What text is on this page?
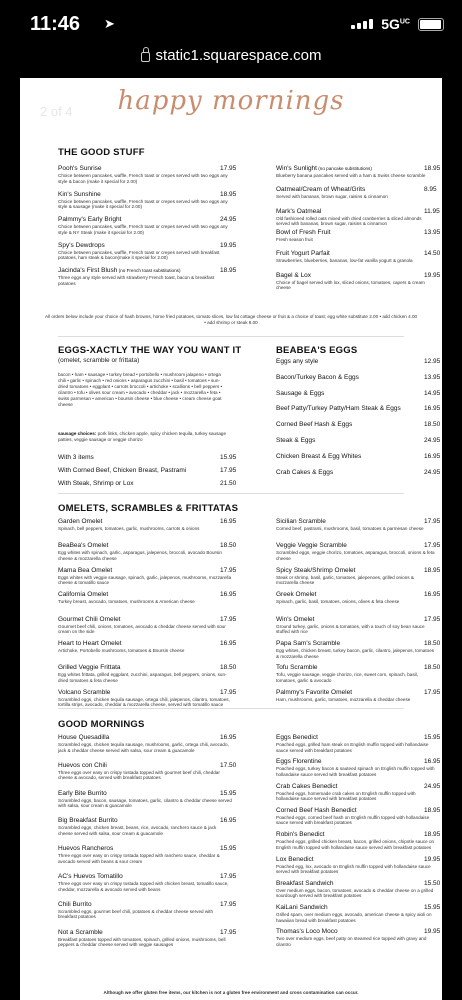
11:46 ➤	$5G^{UC}$
static1.squarespace.com
2 of 4	happy mornings
THE GOOD STUFF
Pooh's Sunrise	17.95
Choice between pancakes, waffle, French toast or crepes served with two eggs any style & bacon (make it special for 2.00)
Kin's Sunshine	18.95
Choice between pancakes, waffle, French toast or crepes served with two eggs any style & sausage (make it special for 2.00)
Palmmy's Early Bright	24.95
Choice between pancakes, waffle, French toast or crepes served with two eggs any style & NY Steak (make it special for 2.00)
Spy's Dewdrops	19.95
Choice between pancakes, waffle, French toast or crepes served with breakfast potatoes, ham steak & bacon(make it special for 2.00)
Jacinda's First Blush (no French toast substitutions)	18.95
Three eggs any style served with strawberry French toast, bacon & breakfast potatoes
Win's Sunlight (no pancake substitutions)	18.95
Blueberry banana pancakes served with a ham & Swiss cheese scramble
Oatmeal/Cream of Wheat/Grits	8.95
Served with bananas, brown sugar, raisins & cinnamon
Mark's Oatmeal	11.95
Old fashioned rolled oats mixed with dried cranberries & sliced almonds served with bananas, brown sugar, raisins & cinnamon
Bowl of Fresh Fruit	13.95
Fresh season fruit
Fruit Yogurt Parfait	14.50
Strawberries, blueberries, bananas, low-fat vanilla yogurt & granola
Bagel & Lox	19.95
Choice of bagel served with lox, sliced onions, tomatoes, capers & cream cheese
All orders below include your choice of hash browns, home fried potatoes, tomato slices, low fat cottage cheese or fruit & a choice of toast; egg white substitute 2.00 • add chicken 4.00 • add shrimp or steak 8.00
EGGS-XACTLY THE WAY YOU WANT IT
(omelet, scramble or frittata)
bacon • ham • sausage • turkey bread • portobello • mushroom jalapeno • ortega chili • garlic • spinach • red onions • asparagus zucchini • basil • tomatoes • sun-dried tomatoes • eggplant • carrots broccoli • artichoke • scallions • bell peppers • cilantro • tofu • olives sour cream • avocado • cheddar • jack • mozzarella • feta • swiss parmesan • american • boursin cheese • blue cheese • cream cheese goat cheese
sausage choices: pork links, chicken apple, spicy chicken tequila, turkey sausage patties, veggie sausage or veggie chorizo
With 3 items	15.95
With Corned Beef, Chicken Breast, Pastrami	17.95
With Steak, Shrimp or Lox	21.50
BEABEA'S EGGS
Eggs any style	12.95
Bacon/Turkey Bacon & Eggs	13.95
Sausage & Eggs	14.95
Beef Patty/Turkey Patty/Ham Steak & Eggs	16.95
Corned Beef Hash & Eggs	18.50
Steak & Eggs	24.95
Chicken Breast & Egg Whites	16.95
Crab Cakes & Eggs	24.95
OMELETS, SCRAMBLES & FRITTATAS
Garden Omelet	16.95
Spinach, bell peppers, tomatoes, garlic, mushrooms, carrots & onions
BeaBea's Omelet	18.50
Egg whites with spinach, garlic, asparagus, jalepenos, broccoli, avocado Boursin cheese & mozzarella cheese
Mama Bea Omelet	17.95
Eggs whites with veggie sausage, spinach, garlic, jalepenos, mushrooms, mozzarella cheese & tomatillo sauce
California Omelet	16.95
Turkey breast, avocado, tomatoes, mushrooms & American cheese
Gourmet Chili Omelet	17.95
Gourmet beef chili, onions, tomatoes, avocado & cheddar cheese served with sour cream on the side
Heart to Heart Omelet	16.95
Artichoke, Portobello mushrooms, tomatoes & Boursin cheese
Grilled Veggie Frittata	18.50
Egg whites frittata, grilled eggplant, zucchini, asparagus, bell peppers, onions, sun-dried tomatoes & feta cheese
Volcano Scramble	17.95
Scrambled eggs, chicken tequila sausage, ortega chili, jalepenos, cilantro, tomatoes, tortilla strips, avocado, cheddar & mozzarella cheese, served with tomatillo sauce
Sicilian Scramble	17.95
Corned beef, pastrami, mushrooms, basil, tomatoes & parmesan cheese
Veggie Veggie Scramble	17.95
Scrambled eggs, veggie chorizo, tomatoes, asparagus, broccoli, onions & feta cheese
Spicy Steak/Shrimp Omelet	18.95
Steak or shrimp, basil, garlic, tomatoes, jalepenoes, grilled onions & mozzarella cheese
Greek Omelet	16.95
Spinach, garlic, basil, tomatoes, onions, olives & feta cheese
Win's Omelet	17.95
Ground turkey, garlic, onions & tomatoes, with a touch of soy bean sauce stuffed with rice
Papa Sam's Scramble	18.50
Egg whites, chicken breast, turkey bacon, garlic, cilantro, jalepenos, tomatoes & mozzarella cheese
Tofu Scramble	18.50
Tofu, veggie sausage, veggie chorizo, rice, sweet corn, spinach, basil, tomatoes, garlic & avocado
Palmmy's Favorite Omelet	17.95
Ham, mushrooms, garlic, tomatoes, mozzarella & cheddar cheese
GOOD MORNINGS
House Quesadilla	16.95
Scrambled eggs, chicken tequila sausage, mushrooms, garlic, ortega chili, avocado, jack & cheddar cheese served with salsa, sour cream & guacamole
Huevos con Chili	17.50
Three eggs over easy on crispy tostada topped with gourmet beef chili, cheddar cheese & avocado, served with breakfast potatoes
Early Bite Burrito	15.95
Scrambled eggs, bacon, sausage, tomatoes, garlic, cilantro & cheddar cheese served with salsa, sour cream & guacamole
Big Breakfast Burrito	16.95
Scrambled eggs, chicken breast, beans, rice, avocado, ranchero sauce & jack cheese served with salsa, sour cream & guacamole
Huevos Rancheros	15.95
Three eggs over easy on crispy tostada topped with ranchero sauce, cheddar & avocado served with beans & sour cream
AC's Huevos Tomatillo	17.95
Three eggs over easy on crispy tostada topped with chicken breast, tomatillo sauce, cheddar, mozzarella & avocado served with beans
Chili Burrito	17.95
Scrambled eggs, gourmet beef chili, potatoes & cheddar cheese served with breakfast potatoes
Not a Scramble	17.95
Breakfast potatoes topped with tomatoes, spinach, grilled onions, mushrooms, bell peppers & cheddar cheese served with veggie sausages
Eggs Benedict	15.95
Poached eggs, grilled ham steak on English muffin topped with hollandaise sauce served with breakfast potatoes
Eggs Florentine	16.95
Poached eggs, turkey bacon & sauteed spinach on English muffin topped with hollandaise sauce served with breakfast potatoes
Crab Cakes Benedict	24.95
Poached eggs, homemade crab cakes on English muffin topped with hollandaise sauce served with breakfast potatoes
Corned Beef Hash Benedict	18.95
Poached eggs, corned beef hash on English muffin topped with hollandaise sauce served with breakfast potatoes
Robin's Benedict	18.95
Poached eggs, grilled chicken breast, bacon, grilled onions, chipotle sauce on English muffin topped with hollandaise sauce served with breakfast potatoes
Lox Benedict	19.95
Poached egg, lox, avocado on English muffin topped with hollandaise sauce served with breakfast potatoes
Breakfast Sandwich	15.50
Over medium eggs, bacon, tomatoes, avocado & cheddar cheese on a grilled sourdough served with breakfast potatoes
KaiLani Sandwich	15.95
Grilled spam, over medium eggs, avocado, american cheese & spicy aioli on hawaiian bread with breakfast potatoes
Thomas's Loco Moco	19.95
Two over medium eggs, beef patty on steamed rice topped with gravy and cilantro
Although we offer gluten free items, our kitchen is not a gluten free environment and cross contamination can occur.
